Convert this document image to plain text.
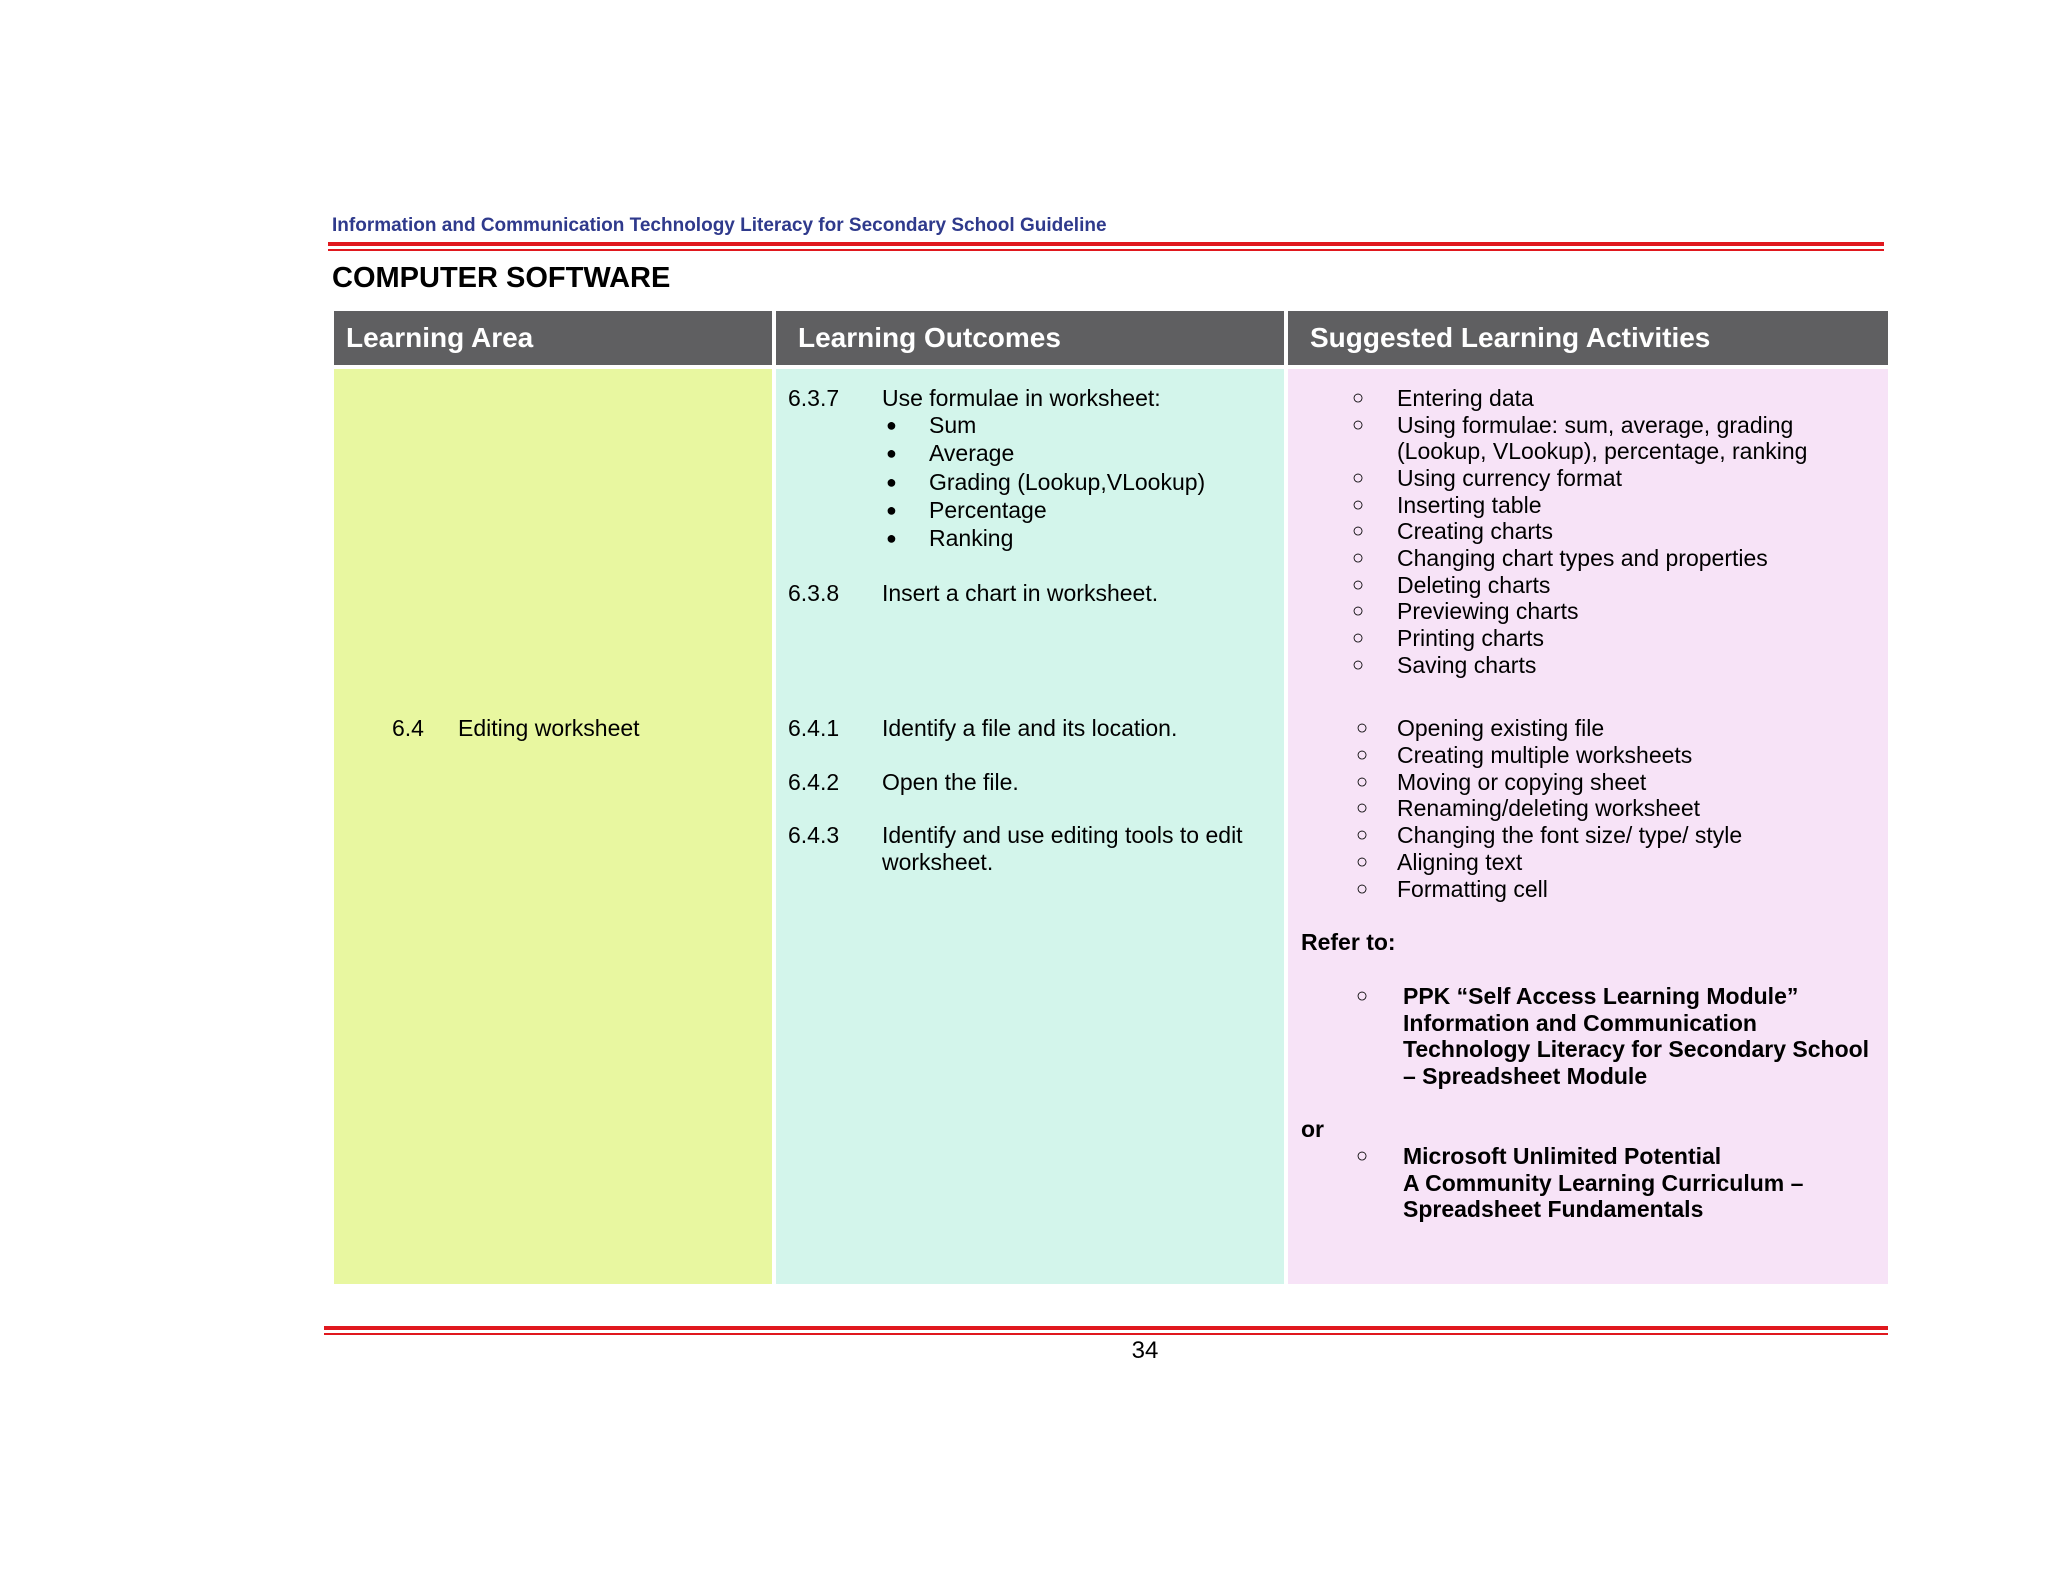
Information and Communication Technology Literacy for Secondary School Guideline
COMPUTER SOFTWARE
Learning Area	Learning Outcomes	Suggested Learning Activities
6.4 Editing worksheet
6.3.7 Use formulae in worksheet:
● Sum
● Average
● Grading (Lookup,VLookup)
● Percentage
● Ranking
6.3.8 Insert a chart in worksheet.
6.4.1 Identify a file and its location.
6.4.2 Open the file.
6.4.3 Identify and use editing tools to edit
worksheet.
○ Entering data
○ Using formulae: sum, average, grading
(Lookup, VLookup), percentage, ranking
○ Using currency format
○ Inserting table
○ Creating charts
○ Changing chart types and properties
○ Deleting charts
○ Previewing charts
○ Printing charts
○ Saving charts
○ Opening existing file
○ Creating multiple worksheets
○ Moving or copying sheet
○ Renaming/deleting worksheet
○ Changing the font size/ type/ style
○ Aligning text
○ Formatting cell
Refer to:
○ PPK “Self Access Learning Module”
Information and Communication
Technology Literacy for Secondary School
– Spreadsheet Module
or
○ Microsoft Unlimited Potential
A Community Learning Curriculum –
Spreadsheet Fundamentals
34
